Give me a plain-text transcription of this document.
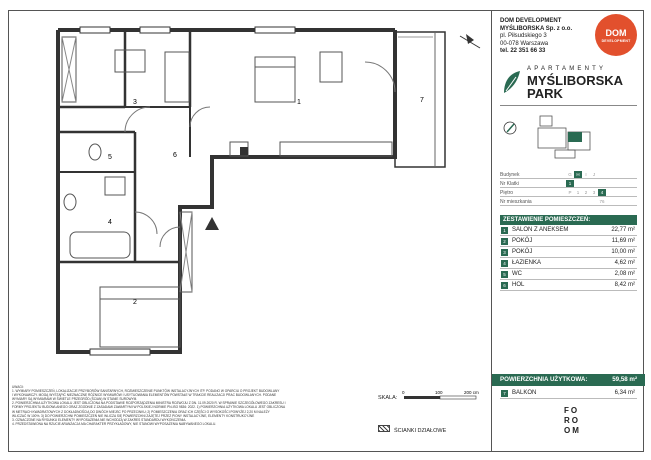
1
2
3
4
5	6
7
DOM DEVELOPMENT
MYŚLIBORSKA Sp. z o.o.
pl. Piłsudskiego 3
00-078 Warszawa
tel. 22 351 66 33
DOM
DEVELOPMENT
APARTAMENTY
MYŚLIBORSKA
PARK
Budynek	G H I J
Nr Klatki	1
Piętro	P 1 2 3 4
Nr mieszkania	76
ZESTAWIENIE POMIESZCZEŃ:
1	SALON Z ANEKSEM	22,77 m²
2	POKÓJ	11,69 m²
3	POKÓJ	10,00 m²
4	ŁAZIENKA	4,62 m²
5	WC	2,08 m²
6	HOL	8,42 m²
POWIERZCHNIA UŻYTKOWA:	59,58 m²
7	BALKON	6,34 m²
FO
RO
OM
UWAGI:
1. WYMIARY POMIESZCZEŃ, LOKALIZACJE PRZYBORÓW SANITARNYCH, ROZMIESZCZENIE PUNKTÓW INSTALACYJNYCH ITP. PODANO W OPARCIU O PROJEKT BUDOWLANY
I WYKONAWCZY. MOGĄ WYSTĄPIĆ NIEZNACZNE RÓŻNICE WYMIARÓW I USYTUOWANIA ELEMENTÓW POWSTAŁE W TRAKCIE REALIZACJI PRAC BUDOWLANYCH. PODANE
WYMIARY SĄ WYMIARAMI W ŚWIETLE PRZEGRÓD (ŚCIAN) W STANIE SUROWYM.
2. POWIERZCHNIA UŻYTKOWA LOKALU JEST OBLICZONA NA PODSTAWIE ROZPORZĄDZENIA MINISTRA ROZWOJU Z DN. 11.09.2020 R. W SPRAWIE SZCZEGÓŁOWEGO ZAKRESU I
FORMY PROJEKTU BUDOWLANEGO ORAZ ZGODNIE Z ZASADAMI ZAWARTYMI W POLSKIEJ NORMIE PN-ISO 9836: 2022. 1) POWIERZCHNIA UŻYTKOWA LOKALU JEST OBLICZONA
W METRACH KWADRATOWYCH Z DOKŁADNOŚCIĄ DO DWÓCH MIEJSC PO PRZECINKU; 2) POMIESZCZENIA ORAZ ICH CZĘŚCI O WYSOKOŚCI POWYŻEJ 2,20 M NALEŻY
WLICZAĆ W 100%. 3) DO POWIERZCHNI POMIESZCZEŃ NIE WLICZA SIĘ POWIERZCHNI ZAJĘTEJ PRZEZ PIONY INSTALACYJNE, ELEMENTY KONSTRUKCYJNE
3. OZNACZONE NA RYSUNKU ELEMENTY WYPOSAŻENIA NIE WCHODZĄ W ZAKRES STANDARDU WYKOŃCZENIA.
4. PRZEDSTAWIONA NA RZUCIE ARANŻACJA MA CHARAKTER PRZYKŁADOWY, NIE STANOWI WYPOSAŻENIA NABYWANEGO LOKALU.
SKALA:
0	100	200 cm
ŚCIANKI DZIAŁOWE
